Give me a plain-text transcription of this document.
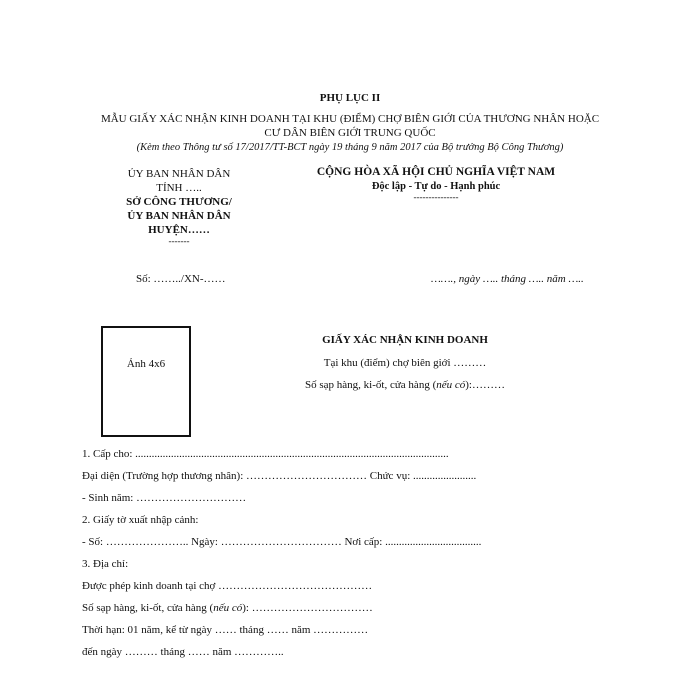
PHỤ LỤC II
MẪU GIẤY XÁC NHẬN KINH DOANH TẠI KHU (ĐIỂM) CHỢ BIÊN GIỚI CỦA THƯƠNG NHÂN HOẶC
CƯ DÂN BIÊN GIỚI TRUNG QUỐC
(Kèm theo Thông tư số 17/2017/TT-BCT ngày 19 tháng 9 năm 2017 của Bộ trưởng Bộ Công Thương)
ỦY BAN NHÂN DÂN
TỈNH …..
SỞ CÔNG THƯƠNG/
ỦY BAN NHÂN DÂN
HUYỆN……
-------
Số: ……../XN-……
CỘNG HÒA XÃ HỘI CHỦ NGHĨA VIỆT NAM
Độc lập - Tự do - Hạnh phúc
---------------
……., ngày ….. tháng ….. năm …..
Ảnh 4x6
GIẤY XÁC NHẬN KINH DOANH
Tại khu (điểm) chợ biên giới ………
Số sạp hàng, ki-ốt, cửa hàng (nếu có):………
1. Cấp cho: ..................................................................................................................
Đại diện (Trường hợp thương nhân): …………………………… Chức vụ: .......................
- Sinh năm: …………………………
2. Giấy tờ xuất nhập cảnh:
- Số: ………………….. Ngày: …………………………… Nơi cấp: ...................................
3. Địa chỉ:
Được phép kinh doanh tại chợ ……………………………………
Số sạp hàng, ki-ốt, cửa hàng (nếu có): ……………………………
Thời hạn: 01 năm, kể từ ngày …… tháng …… năm ……………
đến ngày ……… tháng …… năm …………..
